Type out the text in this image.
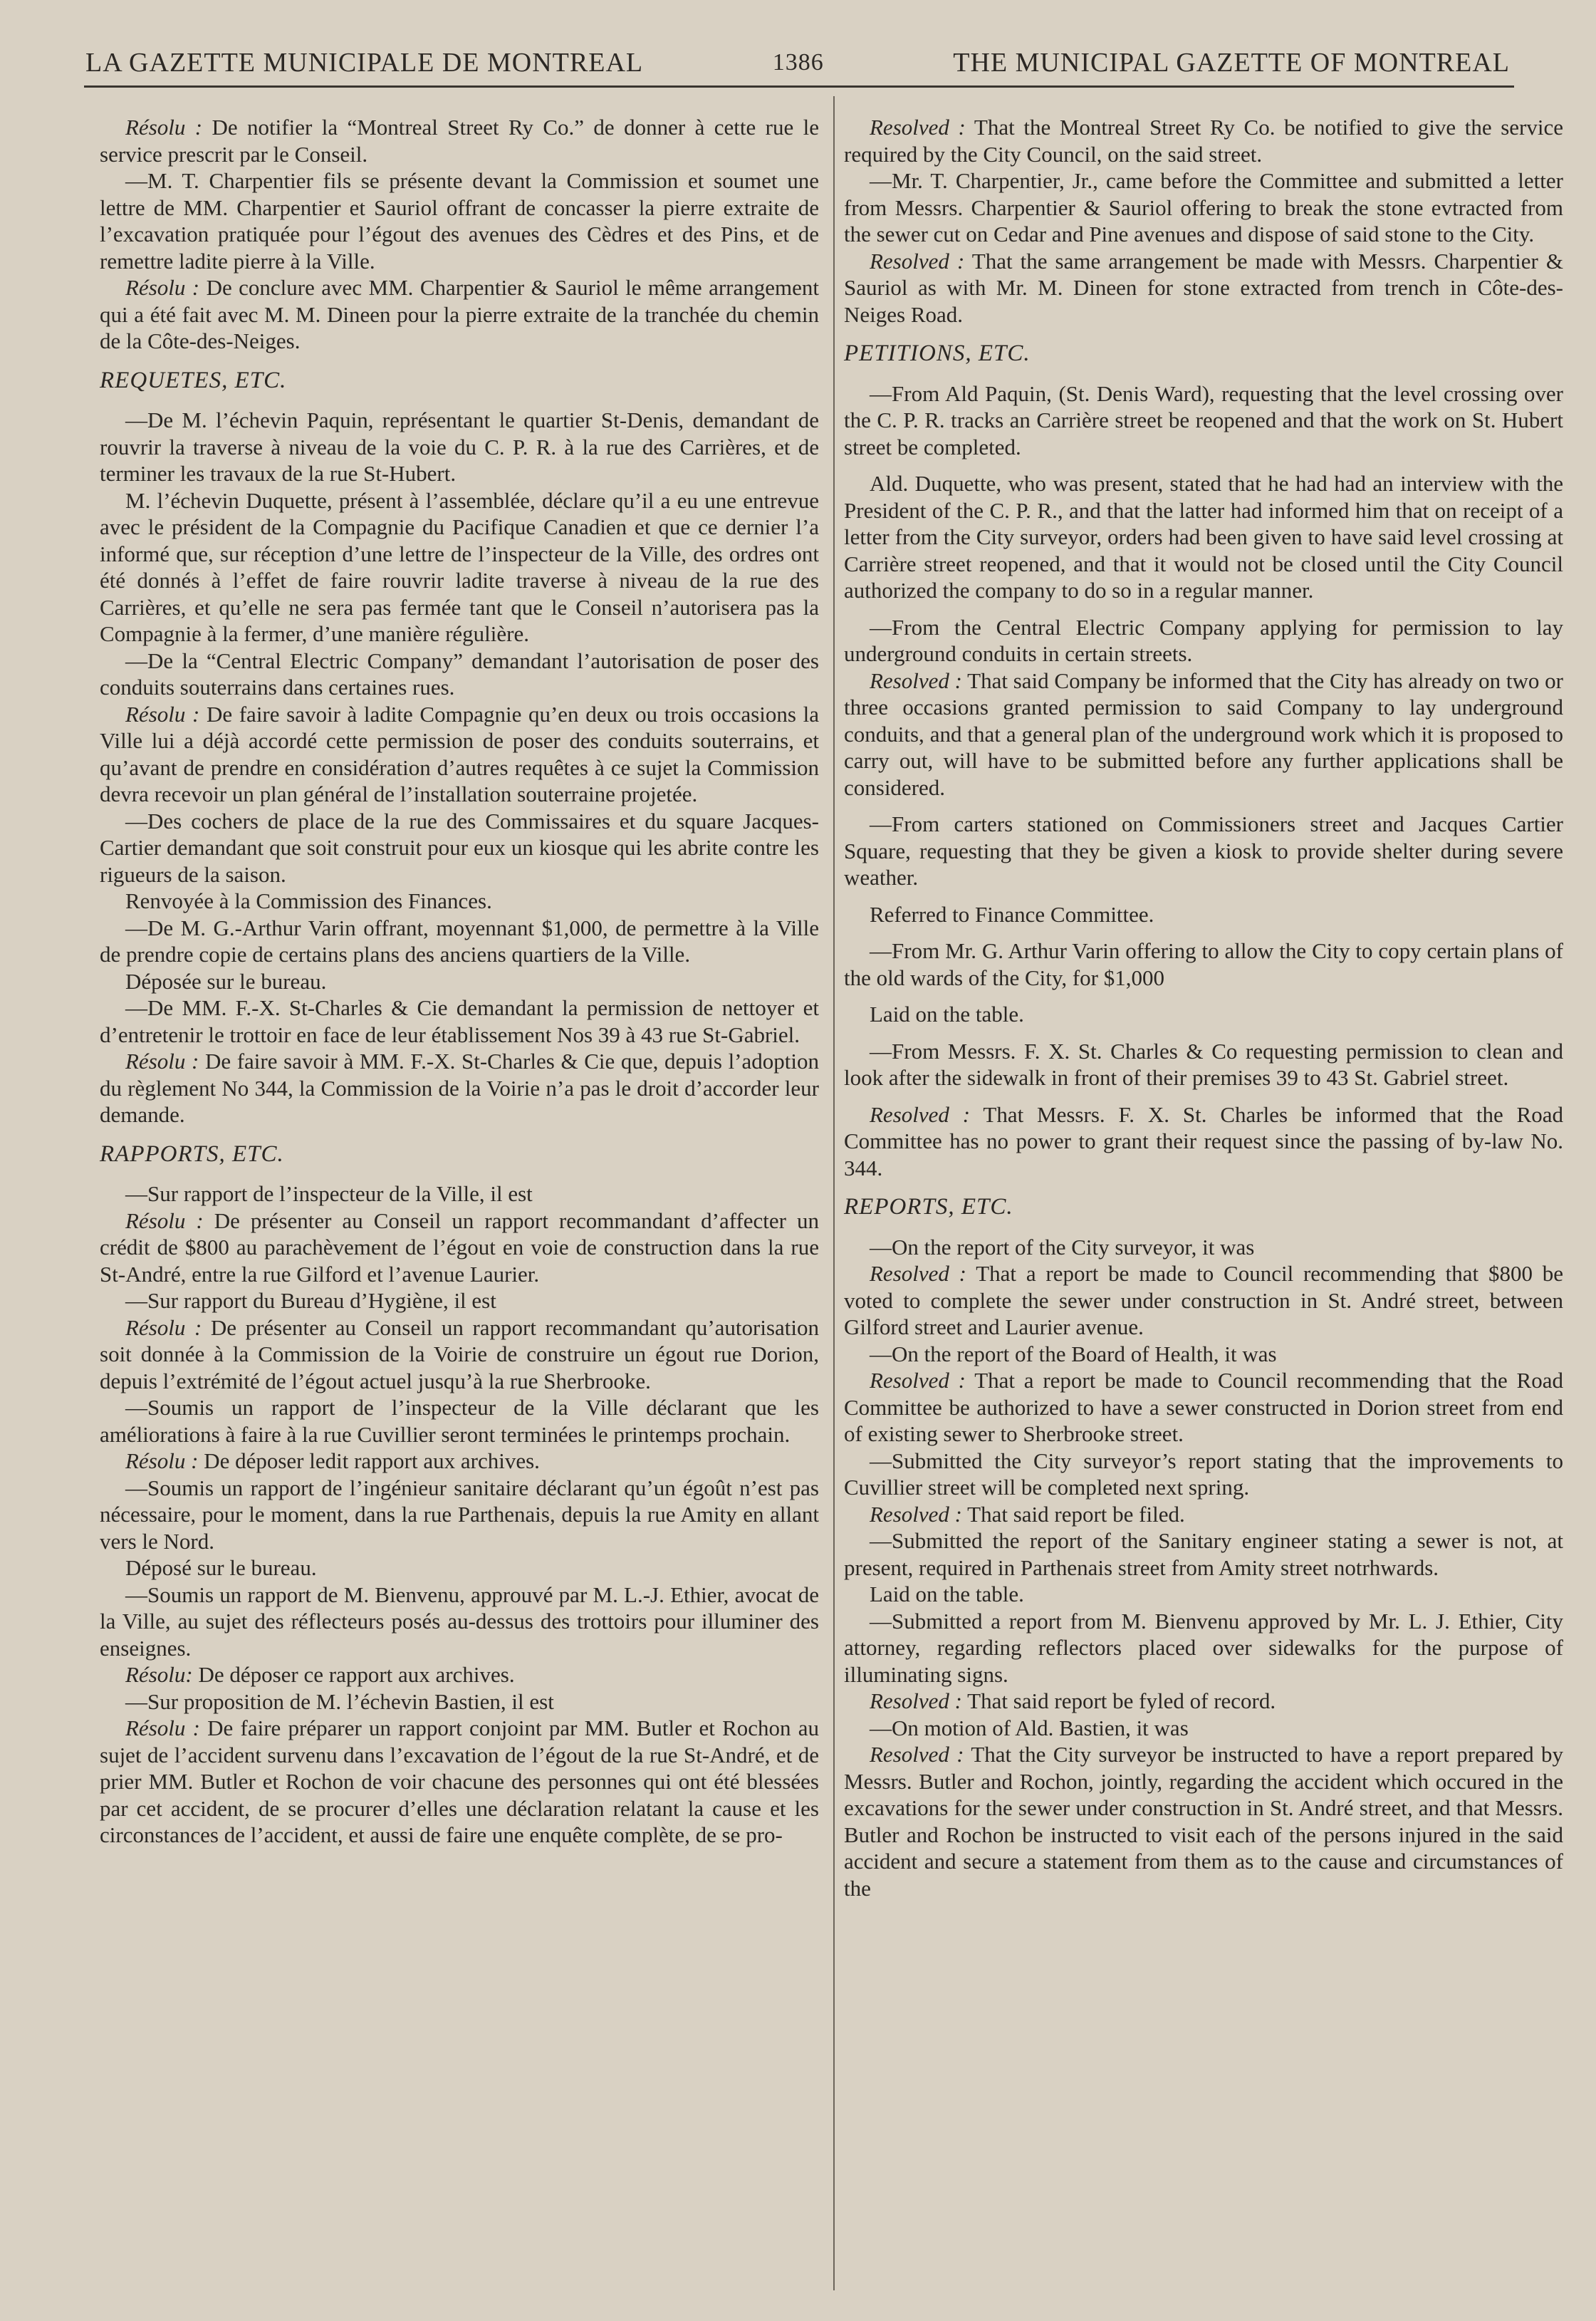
LA GAZETTE MUNICIPALE DE MONTREAL	1386	THE MUNICIPAL GAZETTE OF MONTREAL

Résolu : De notifier la “Montreal Street Ry Co.” de donner à cette rue le service prescrit par le Conseil.

—M. T. Charpentier fils se présente devant la Commission et soumet une lettre de MM. Charpentier et Sauriol offrant de concasser la pierre extraite de l’excavation pratiquée pour l’égout des avenues des Cèdres et des Pins, et de remettre ladite pierre à la Ville.

Résolu : De conclure avec MM. Charpentier & Sauriol le même arrangement qui a été fait avec M. M. Dineen pour la pierre extraite de la tranchée du chemin de la Côte-des-Neiges.

REQUETES, ETC.

—De M. l’échevin Paquin, représentant le quartier St-Denis, demandant de rouvrir la traverse à niveau de la voie du C. P. R. à la rue des Carrières, et de terminer les travaux de la rue St-Hubert.

M. l’échevin Duquette, présent à l’assemblée, déclare qu’il a eu une entrevue avec le président de la Compagnie du Pacifique Canadien et que ce dernier l’a informé que, sur réception d’une lettre de l’inspecteur de la Ville, des ordres ont été donnés à l’effet de faire rouvrir ladite traverse à niveau de la rue des Carrières, et qu’elle ne sera pas fermée tant que le Conseil n’autorisera pas la Compagnie à la fermer, d’une manière régulière.

—De la “Central Electric Company” demandant l’autorisation de poser des conduits souterrains dans certaines rues.

Résolu : De faire savoir à ladite Compagnie qu’en deux ou trois occasions la Ville lui a déjà accordé cette permission de poser des conduits souterrains, et qu’avant de prendre en considération d’autres requêtes à ce sujet la Commission devra recevoir un plan général de l’installation souterraine projetée.

—Des cochers de place de la rue des Commissaires et du square Jacques-Cartier demandant que soit construit pour eux un kiosque qui les abrite contre les rigueurs de la saison.

Renvoyée à la Commission des Finances.

—De M. G.-Arthur Varin offrant, moyennant $1,000, de permettre à la Ville de prendre copie de certains plans des anciens quartiers de la Ville.

Déposée sur le bureau.

—De MM. F.-X. St-Charles & Cie demandant la permission de nettoyer et d’entretenir le trottoir en face de leur établissement Nos 39 à 43 rue St-Gabriel.

Résolu : De faire savoir à MM. F.-X. St-Charles & Cie que, depuis l’adoption du règlement No 344, la Commission de la Voirie n’a pas le droit d’accorder leur demande.

RAPPORTS, ETC.

—Sur rapport de l’inspecteur de la Ville, il est

Résolu : De présenter au Conseil un rapport recommandant d’affecter un crédit de $800 au parachèvement de l’égout en voie de construction dans la rue St-André, entre la rue Gilford et l’avenue Laurier.

—Sur rapport du Bureau d’Hygiène, il est

Résolu : De présenter au Conseil un rapport recommandant qu’autorisation soit donnée à la Commission de la Voirie de construire un égout rue Dorion, depuis l’extrémité de l’égout actuel jusqu’à la rue Sherbrooke.

—Soumis un rapport de l’inspecteur de la Ville déclarant que les améliorations à faire à la rue Cuvillier seront terminées le printemps prochain.

Résolu : De déposer ledit rapport aux archives.

—Soumis un rapport de l’ingénieur sanitaire déclarant qu’un égoût n’est pas nécessaire, pour le moment, dans la rue Parthenais, depuis la rue Amity en allant vers le Nord.

Déposé sur le bureau.

—Soumis un rapport de M. Bienvenu, approuvé par M. L.-J. Ethier, avocat de la Ville, au sujet des réflecteurs posés au-dessus des trottoirs pour illuminer des enseignes.

Résolu: De déposer ce rapport aux archives.

—Sur proposition de M. l’échevin Bastien, il est

Résolu : De faire préparer un rapport conjoint par MM. Butler et Rochon au sujet de l’accident survenu dans l’excavation de l’égout de la rue St-André, et de prier MM. Butler et Rochon de voir chacune des personnes qui ont été blessées par cet accident, de se procurer d’elles une déclaration relatant la cause et les circonstances de l’accident, et aussi de faire une enquête complète, de se pro-

Resolved : That the Montreal Street Ry Co. be notified to give the service required by the City Council, on the said street.

—Mr. T. Charpentier, Jr., came before the Committee and submitted a letter from Messrs. Charpentier & Sauriol offering to break the stone evtracted from the sewer cut on Cedar and Pine avenues and dispose of said stone to the City.

Resolved : That the same arrangement be made with Messrs. Charpentier & Sauriol as with Mr. M. Dineen for stone extracted from trench in Côte-des-Neiges Road.

PETITIONS, ETC.

—From Ald Paquin, (St. Denis Ward), requesting that the level crossing over the C. P. R. tracks an Carrière street be reopened and that the work on St. Hubert street be completed.

Ald. Duquette, who was present, stated that he had had an interview with the President of the C. P. R., and that the latter had informed him that on receipt of a letter from the City surveyor, orders had been given to have said level crossing at Carrière street reopened, and that it would not be closed until the City Council authorized the company to do so in a regular manner.

—From the Central Electric Company applying for permission to lay underground conduits in certain streets.

Resolved : That said Company be informed that the City has already on two or three occasions granted permission to said Company to lay underground conduits, and that a general plan of the underground work which it is proposed to carry out, will have to be submitted before any further applications shall be considered.

—From carters stationed on Commissioners street and Jacques Cartier Square, requesting that they be given a kiosk to provide shelter during severe weather.

Referred to Finance Committee.

—From Mr. G. Arthur Varin offering to allow the City to copy certain plans of the old wards of the City, for $1,000

Laid on the table.

—From Messrs. F. X. St. Charles & Co requesting permission to clean and look after the sidewalk in front of their premises 39 to 43 St. Gabriel street.

Resolved : That Messrs. F. X. St. Charles be informed that the Road Committee has no power to grant their request since the passing of by-law No. 344.

REPORTS, ETC.

—On the report of the City surveyor, it was

Resolved : That a report be made to Council recommending that $800 be voted to complete the sewer under construction in St. André street, between Gilford street and Laurier avenue.

—On the report of the Board of Health, it was

Resolved : That a report be made to Council recommending that the Road Committee be authorized to have a sewer constructed in Dorion street from end of existing sewer to Sherbrooke street.

—Submitted the City surveyor’s report stating that the improvements to Cuvillier street will be completed next spring.

Resolved : That said report be filed.

—Submitted the report of the Sanitary engineer stating a sewer is not, at present, required in Parthenais street from Amity street notrhwards.

Laid on the table.

—Submitted a report from M. Bienvenu approved by Mr. L. J. Ethier, City attorney, regarding reflectors placed over sidewalks for the purpose of illuminating signs.

Resolved : That said report be fyled of record.

—On motion of Ald. Bastien, it was

Resolved : That the City surveyor be instructed to have a report prepared by Messrs. Butler and Rochon, jointly, regarding the accident which occured in the excavations for the sewer under construction in St. André street, and that Messrs. Butler and Rochon be instructed to visit each of the persons injured in the said accident and secure a statement from them as to the cause and circumstances of the
